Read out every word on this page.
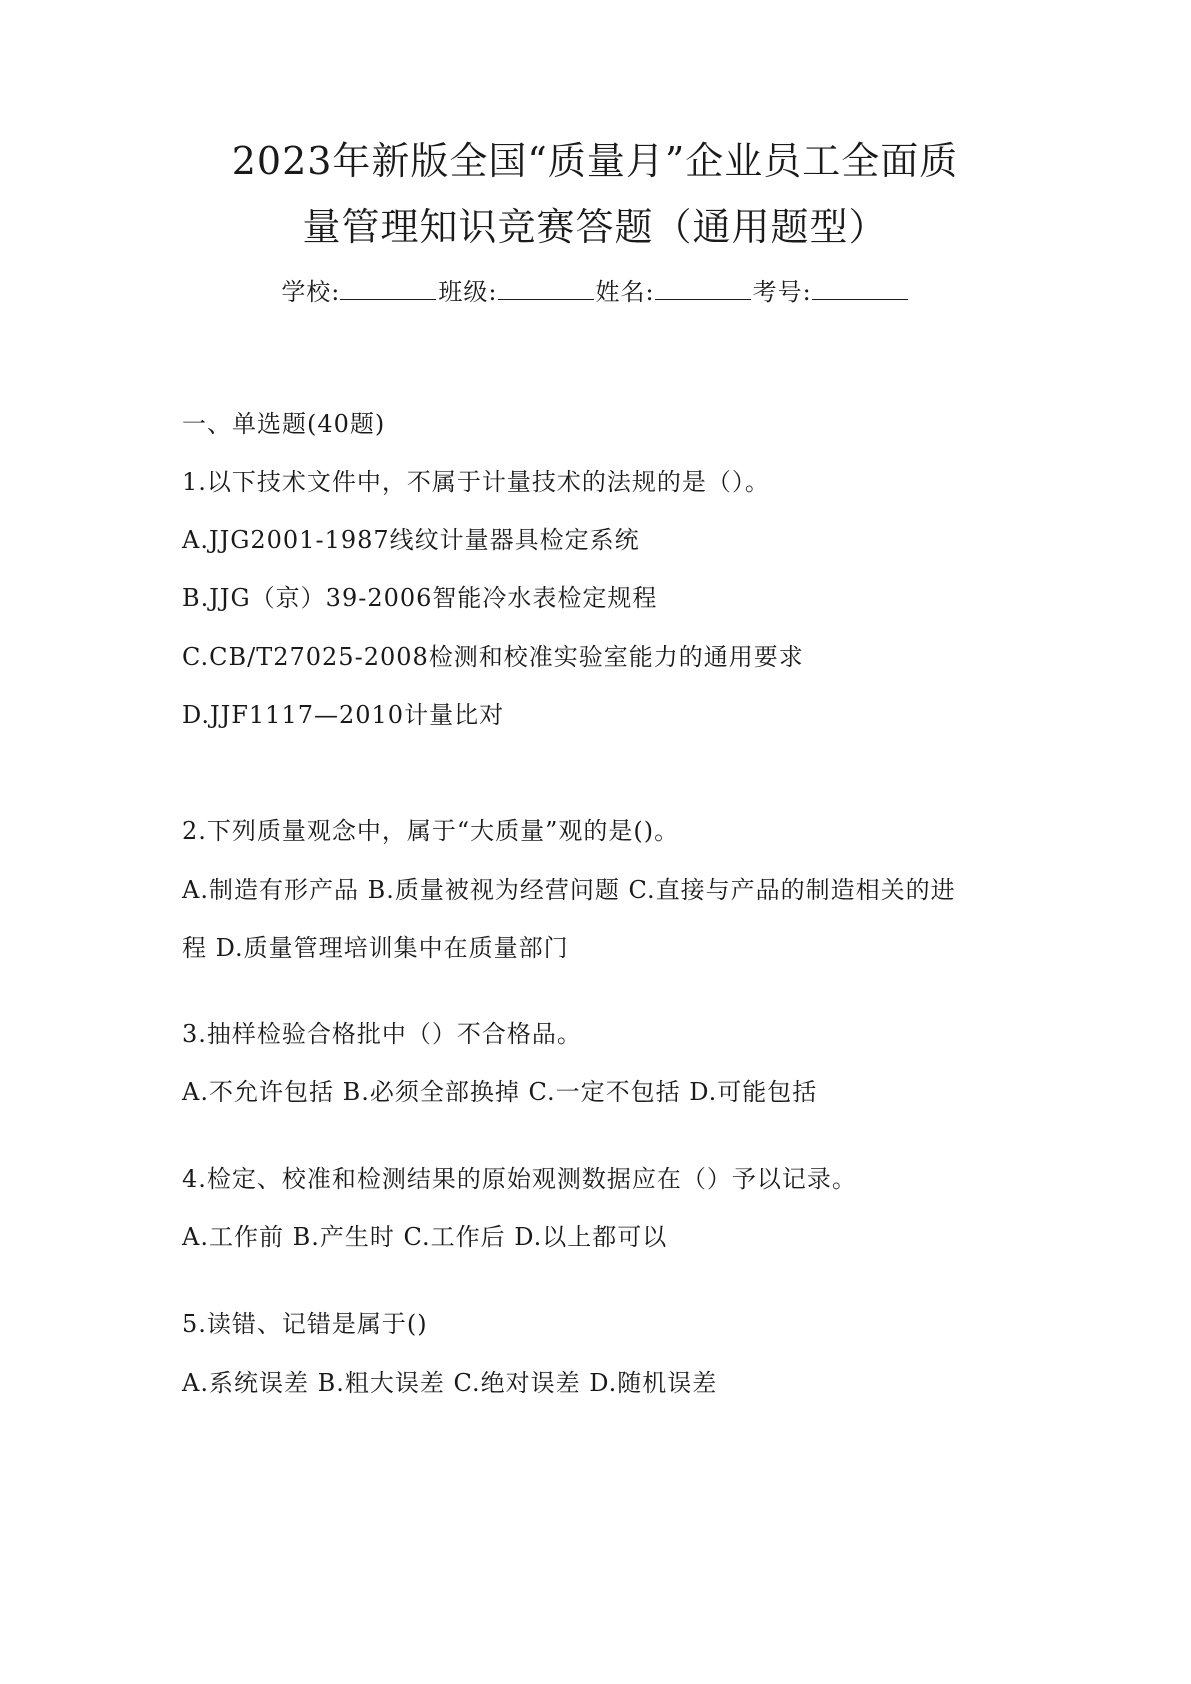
2023年新版全国“质量月”企业员工全面质
量管理知识竞赛答题（通用题型）
学校:	班级:	姓名:	考号:
一、单选题(40题)
1.以下技术文件中，不属于计量技术的法规的是（）。
A.JJG2001-1987线纹计量器具检定系统
B.JJG（京）39-2006智能冷水表检定规程
C.CB/T27025-2008检测和校准实验室能力的通用要求
D.JJF1117—2010计量比对
2.下列质量观念中，属于“大质量”观的是()。
A.制造有形产品 B.质量被视为经营问题 C.直接与产品的制造相关的进
程 D.质量管理培训集中在质量部门
3.抽样检验合格批中（）不合格品。
A.不允许包括 B.必须全部换掉 C.一定不包括 D.可能包括
4.检定、校准和检测结果的原始观测数据应在（）予以记录。
A.工作前 B.产生时 C.工作后 D.以上都可以
5.读错、记错是属于()
A.系统误差 B.粗大误差 C.绝对误差 D.随机误差
